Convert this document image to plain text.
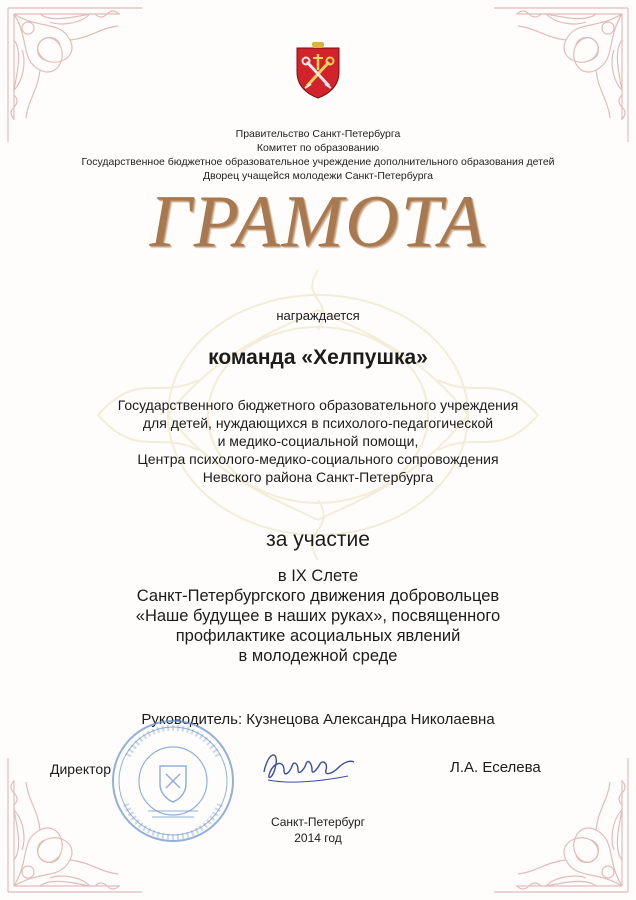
Правительство Санкт-Петербурга
Комитет по образованию
Государственное бюджетное образовательное учреждение дополнительного образования детей
Дворец учащейся молодежи Санкт-Петербурга
ГРАМОТА
награждается
команда «Хелпушка»
Государственного бюджетного образовательного учреждения
для детей, нуждающихся в психолого-педагогической
и медико-социальной помощи,
Центра психолого-медико-социального сопровождения
Невского района Санкт-Петербурга
за участие
в IX Слете
Санкт-Петербургского движения добровольцев
«Наше будущее в наших руках», посвященного
профилактике асоциальных явлений
в молодежной среде
Руководитель: Кузнецова Александра Николаевна
Директор	Л.А. Еселева
Санкт-Петербург
2014 год
